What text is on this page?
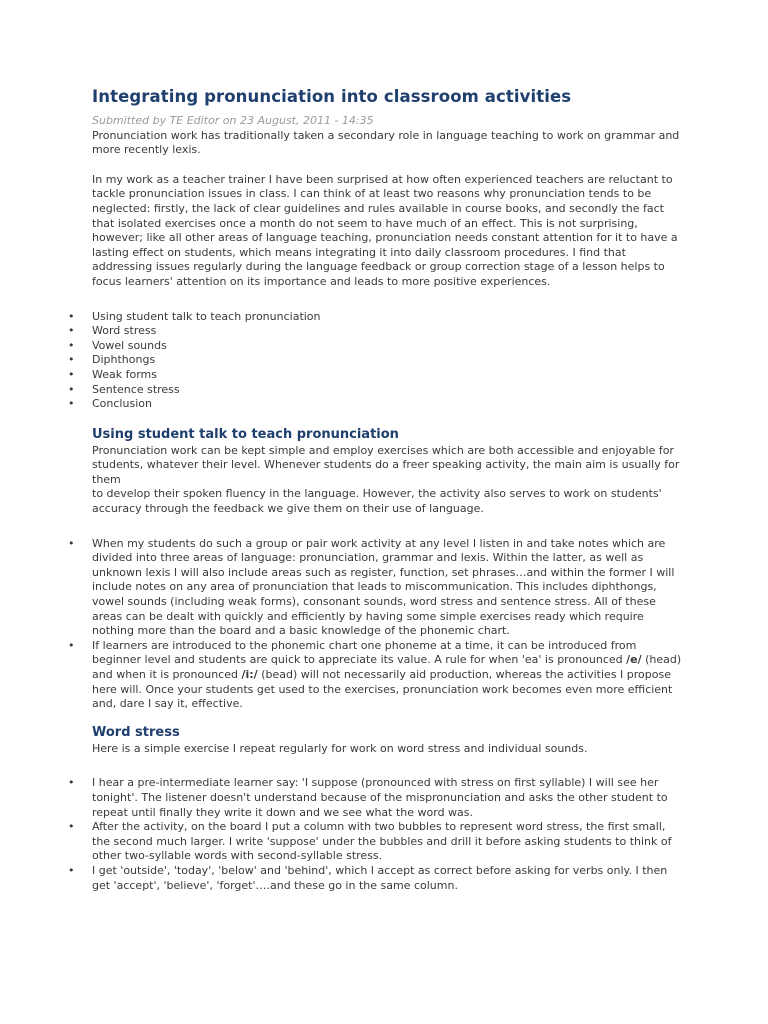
Integrating pronunciation into classroom activities
Submitted by TE Editor on 23 August, 2011 - 14:35

Pronunciation work has traditionally taken a secondary role in language teaching to work on grammar and more recently lexis.

In my work as a teacher trainer I have been surprised at how often experienced teachers are reluctant to tackle pronunciation issues in class. I can think of at least two reasons why pronunciation tends to be neglected: firstly, the lack of clear guidelines and rules available in course books, and secondly the fact that isolated exercises once a month do not seem to have much of an effect. This is not surprising, however; like all other areas of language teaching, pronunciation needs constant attention for it to have a lasting effect on students, which means integrating it into daily classroom procedures. I find that addressing issues regularly during the language feedback or group correction stage of a lesson helps to focus learners' attention on its importance and leads to more positive experiences.

• Using student talk to teach pronunciation
• Word stress
• Vowel sounds
• Diphthongs
• Weak forms
• Sentence stress
• Conclusion
Using student talk to teach pronunciation

Pronunciation work can be kept simple and employ exercises which are both accessible and enjoyable for students, whatever their level. Whenever students do a freer speaking activity, the main aim is usually for them

to develop their spoken fluency in the language. However, the activity also serves to work on students' accuracy through the feedback we give them on their use of language.

• When my students do such a group or pair work activity at any level I listen in and take notes which are divided into three areas of language: pronunciation, grammar and lexis. Within the latter, as well as unknown lexis I will also include areas such as register, function, set phrases…and within the former I will include notes on any area of pronunciation that leads to miscommunication. This includes diphthongs, vowel sounds (including weak forms), consonant sounds, word stress and sentence stress. All of these areas can be dealt with quickly and efficiently by having some simple exercises ready which require nothing more than the board and a basic knowledge of the phonemic chart.
• If learners are introduced to the phonemic chart one phoneme at a time, it can be introduced from beginner level and students are quick to appreciate its value. A rule for when 'ea' is pronounced /e/ (head) and when it is pronounced /i:/ (bead) will not necessarily aid production, whereas the activities I propose here will. Once your students get used to the exercises, pronunciation work becomes even more efficient and, dare I say it, effective.
Word stress

Here is a simple exercise I repeat regularly for work on word stress and individual sounds.

• I hear a pre-intermediate learner say: 'I suppose (pronounced with stress on first syllable) I will see her tonight'. The listener doesn't understand because of the mispronunciation and asks the other student to repeat until finally they write it down and we see what the word was.
• After the activity, on the board I put a column with two bubbles to represent word stress, the first small, the second much larger. I write 'suppose' under the bubbles and drill it before asking students to think of other two-syllable words with second-syllable stress.
• I get 'outside', 'today', 'below' and 'behind', which I accept as correct before asking for verbs only. I then get 'accept', 'believe', 'forget'….and these go in the same column.
